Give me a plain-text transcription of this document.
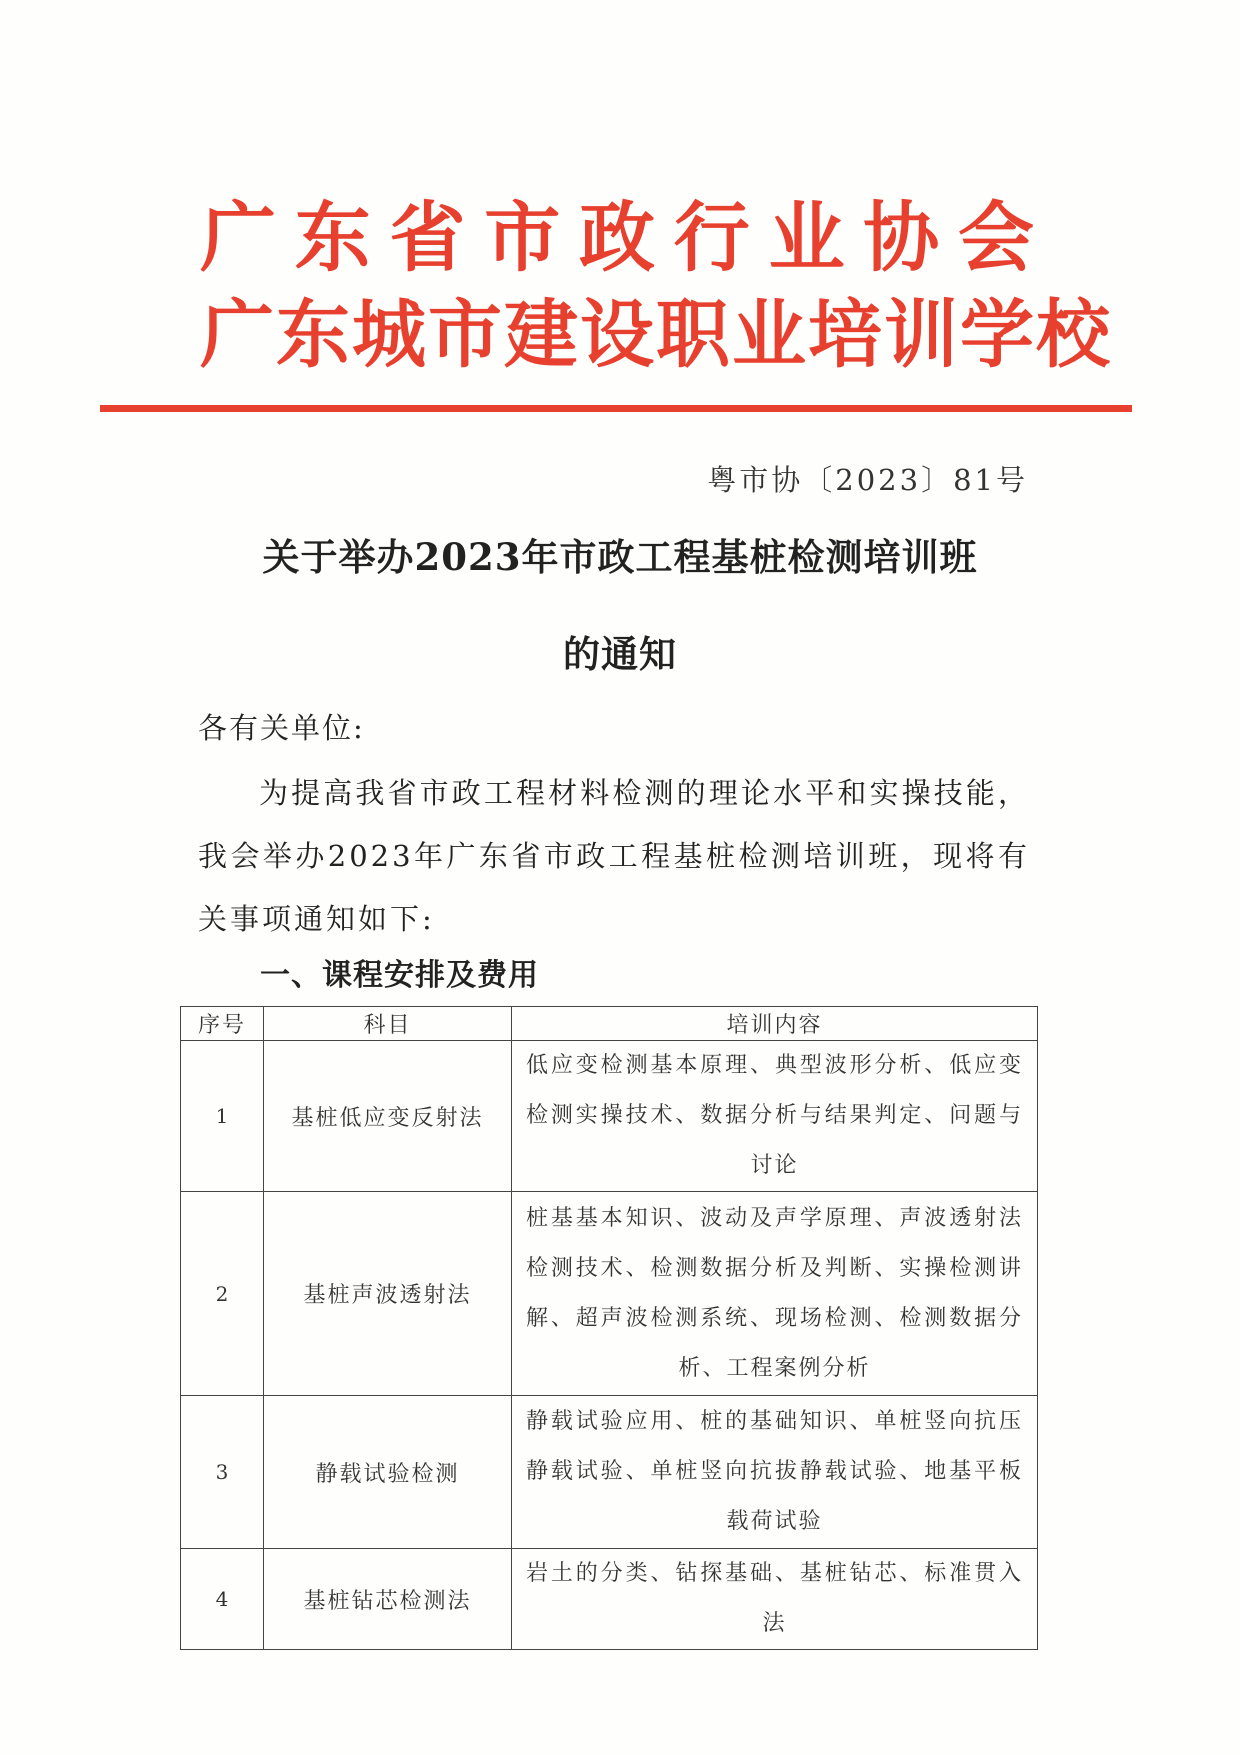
广东省市政行业协会
广东城市建设职业培训学校
粤市协〔2023〕81号
关于举办2023年市政工程基桩检测培训班
的通知
各有关单位:
为提高我省市政工程材料检测的理论水平和实操技能，我会举办2023年广东省市政工程基桩检测培训班，现将有关事项通知如下:
一、课程安排及费用
序号	科目	培训内容
1	基桩低应变反射法	低应变检测基本原理、典型波形分析、低应变检测实操技术、数据分析与结果判定、问题与讨论
2	基桩声波透射法	桩基基本知识、波动及声学原理、声波透射法检测技术、检测数据分析及判断、实操检测讲解、超声波检测系统、现场检测、检测数据分析、工程案例分析
3	静载试验检测	静载试验应用、桩的基础知识、单桩竖向抗压静载试验、单桩竖向抗拔静载试验、地基平板载荷试验
4	基桩钻芯检测法	岩土的分类、钻探基础、基桩钻芯、标准贯入法
